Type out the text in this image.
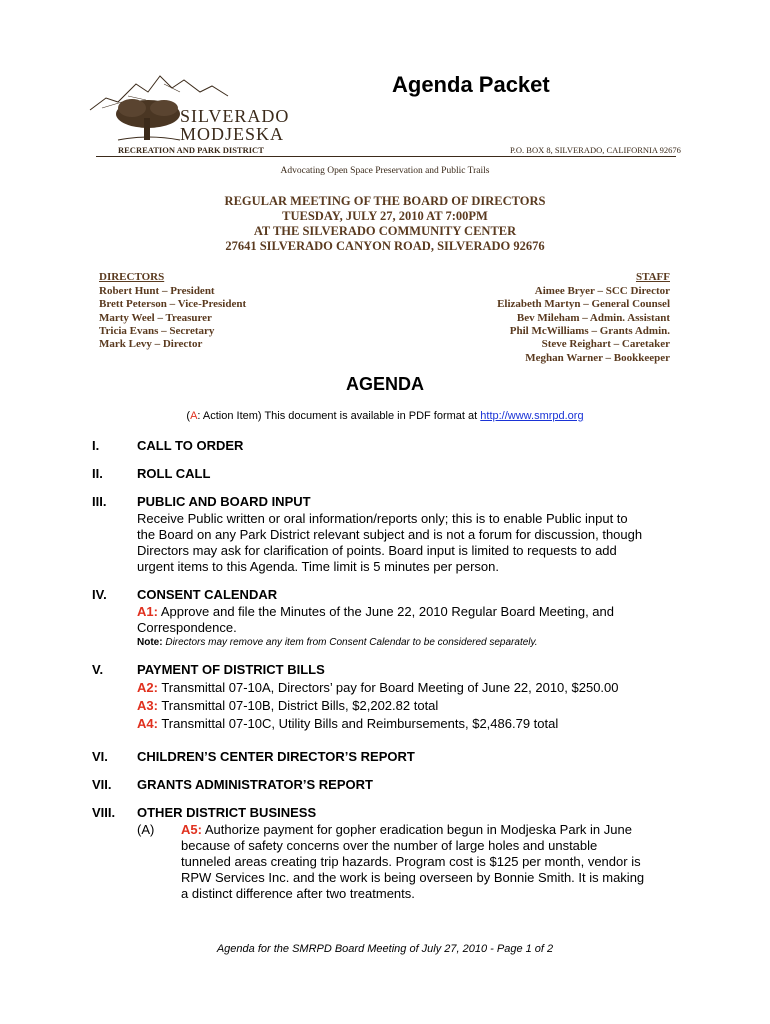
Agenda Packet
SILVERADO
MODJESKA
RECREATION AND PARK DISTRICT	P.O. BOX 8, SILVERADO, CALIFORNIA 92676
Advocating Open Space Preservation and Public Trails
REGULAR MEETING OF THE BOARD OF DIRECTORS
TUESDAY, JULY 27, 2010 AT 7:00PM
AT THE SILVERADO COMMUNITY CENTER
27641 SILVERADO CANYON ROAD, SILVERADO 92676
DIRECTORS
Robert Hunt – President
Brett Peterson – Vice-President
Marty Weel – Treasurer
Tricia Evans – Secretary
Mark Levy – Director
STAFF
Aimee Bryer – SCC Director
Elizabeth Martyn – General Counsel
Bev Mileham – Admin. Assistant
Phil McWilliams – Grants Admin.
Steve Reighart – Caretaker
Meghan Warner – Bookkeeper
AGENDA
(A: Action Item) This document is available in PDF format at http://www.smrpd.org
I.	CALL TO ORDER
II.	ROLL CALL
III. PUBLIC AND BOARD INPUT
Receive Public written or oral information/reports only; this is to enable Public input to
the Board on any Park District relevant subject and is not a forum for discussion, though
Directors may ask for clarification of points. Board input is limited to requests to add
urgent items to this Agenda. Time limit is 5 minutes per person.
IV. CONSENT CALENDAR
A1: Approve and file the Minutes of the June 22, 2010 Regular Board Meeting, and
Correspondence.
Note: Directors may remove any item from Consent Calendar to be considered separately.
V.	PAYMENT OF DISTRICT BILLS
A2: Transmittal 07-10A, Directors’ pay for Board Meeting of June 22, 2010, $250.00
A3: Transmittal 07-10B, District Bills, $2,202.82 total
A4: Transmittal 07-10C, Utility Bills and Reimbursements, $2,486.79 total
VI. CHILDREN’S CENTER DIRECTOR’S REPORT
VII. GRANTS ADMINISTRATOR’S REPORT
VIII. OTHER DISTRICT BUSINESS
(A)	A5: Authorize payment for gopher eradication begun in Modjeska Park in June
because of safety concerns over the number of large holes and unstable
tunneled areas creating trip hazards. Program cost is $125 per month, vendor is
RPW Services Inc. and the work is being overseen by Bonnie Smith. It is making
a distinct difference after two treatments.
Agenda for the SMRPD Board Meeting of July 27, 2010 - Page 1 of 2
